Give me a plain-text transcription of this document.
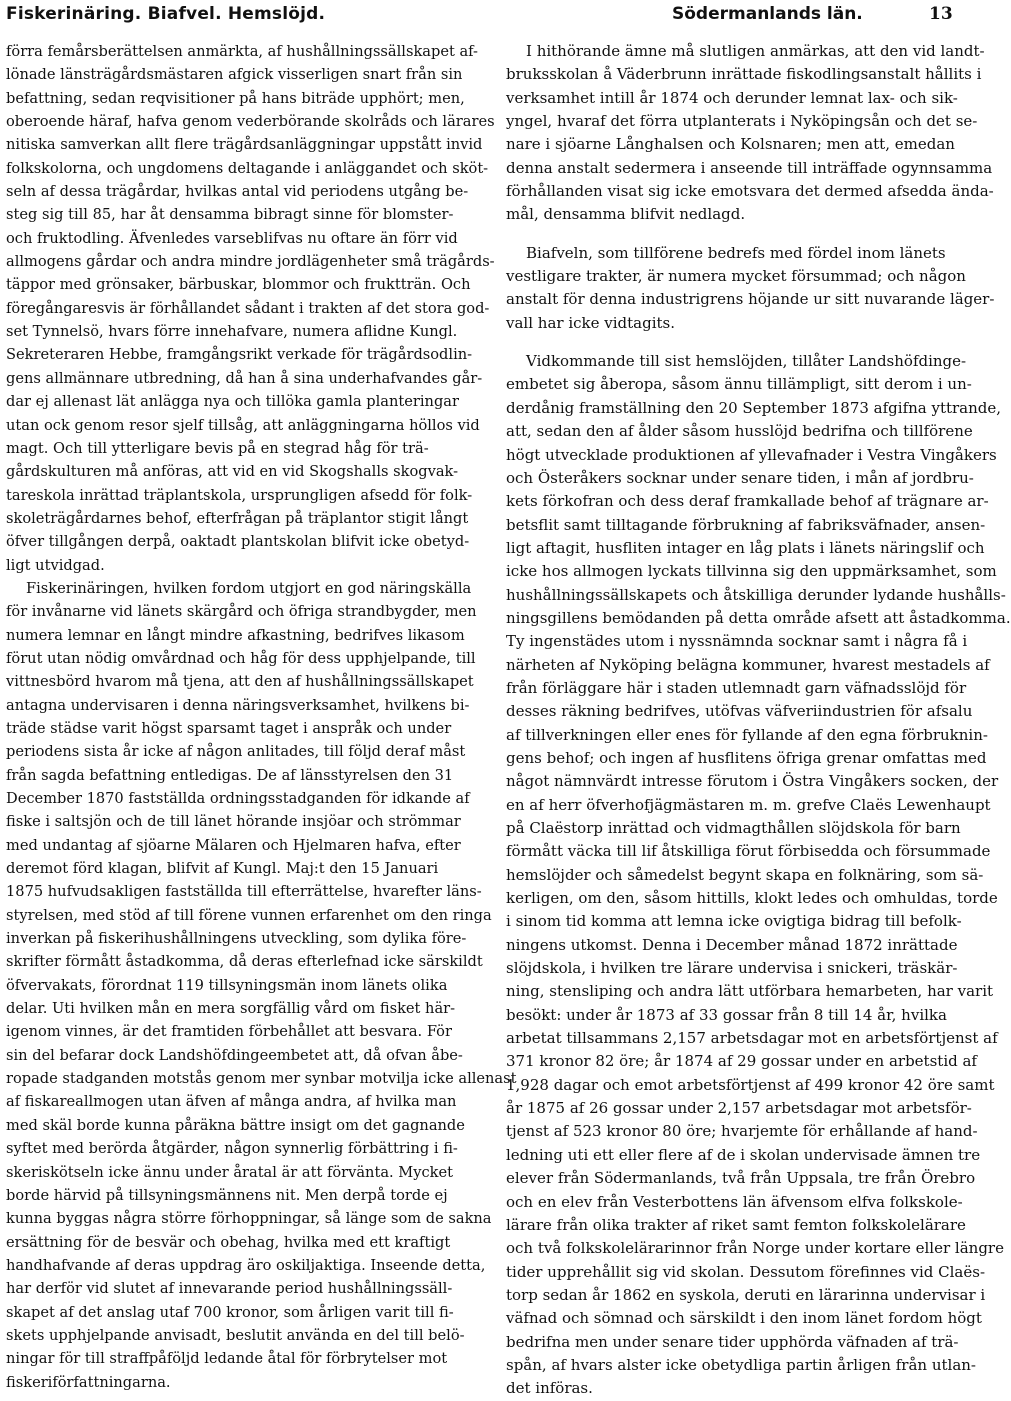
Fiskerinäring. Biafvel. Hemslöjd.	Södermanlands län.	13
förra femårsberättelsen anmärkta, af hushållningssällskapet af-
lönade länsträgårdsmästaren afgick visserligen snart från sin
befattning, sedan reqvisitioner på hans biträde upphört; men,
oberoende häraf, hafva genom vederbörande skolråds och lärares
nitiska samverkan allt flere trägårdsanläggningar uppstått invid
folkskolorna, och ungdomens deltagande i anläggandet och sköt-
seln af dessa trägårdar, hvilkas antal vid periodens utgång be-
steg sig till 85, har åt densamma bibragt sinne för blomster-
och fruktodling. Äfvenledes varseblifvas nu oftare än förr vid
allmogens gårdar och andra mindre jordlägenheter små trägårds-
täppor med grönsaker, bärbuskar, blommor och fruktträn. Och
föregångaresvis är förhållandet sådant i trakten af det stora god-
set Tynnelsö, hvars förre innehafvare, numera aflidne Kungl.
Sekreteraren Hebbe, framgångsrikt verkade för trägårdsodlin-
gens allmännare utbredning, då han å sina underhafvandes går-
dar ej allenast lät anlägga nya och tillöka gamla planteringar
utan ock genom resor sjelf tillsåg, att anläggningarna höllos vid
magt. Och till ytterligare bevis på en stegrad håg för trä-
gårdskulturen må anföras, att vid en vid Skogshalls skogvak-
tareskola inrättad träplantskola, ursprungligen afsedd för folk-
skoleträgårdarnes behof, efterfrågan på träplantor stigit långt
öfver tillgången derpå, oaktadt plantskolan blifvit icke obetyd-
ligt utvidgad.
Fiskerinäringen, hvilken fordom utgjort en god näringskälla
för invånarne vid länets skärgård och öfriga strandbygder, men
numera lemnar en långt mindre afkastning, bedrifves likasom
förut utan nödig omvårdnad och håg för dess upphjelpande, till
vittnesbörd hvarom må tjena, att den af hushållningssällskapet
antagna undervisaren i denna näringsverksamhet, hvilkens bi-
träde städse varit högst sparsamt taget i anspråk och under
periodens sista år icke af någon anlitades, till följd deraf måst
från sagda befattning entledigas. De af länsstyrelsen den 31
December 1870 fastställda ordningsstadganden för idkande af
fiske i saltsjön och de till länet hörande insjöar och strömmar
med undantag af sjöarne Mälaren och Hjelmaren hafva, efter
deremot förd klagan, blifvit af Kungl. Maj:t den 15 Januari
1875 hufvudsakligen fastställda till efterrättelse, hvarefter läns-
styrelsen, med stöd af till förene vunnen erfarenhet om den ringa
inverkan på fiskerihushållningens utveckling, som dylika före-
skrifter förmått åstadkomma, då deras efterlefnad icke särskildt
öfvervakats, förordnat 119 tillsyningsmän inom länets olika
delar. Uti hvilken mån en mera sorgfällig vård om fisket här-
igenom vinnes, är det framtiden förbehållet att besvara. För
sin del befarar dock Landshöfdingeembetet att, då ofvan åbe-
ropade stadganden motstås genom mer synbar motvilja icke allenast
af fiskareallmogen utan äfven af många andra, af hvilka man
med skäl borde kunna påräkna bättre insigt om det gagnande
syftet med berörda åtgärder, någon synnerlig förbättring i fi-
skeriskötseln icke ännu under åratal är att förvänta. Mycket
borde härvid på tillsyningsmännens nit. Men derpå torde ej
kunna byggas några större förhoppningar, så länge som de sakna
ersättning för de besvär och obehag, hvilka med ett kraftigt
handhafvande af deras uppdrag äro oskiljaktiga. Inseende detta,
har derför vid slutet af innevarande period hushållningssäll-
skapet af det anslag utaf 700 kronor, som årligen varit till fi-
skets upphjelpande anvisadt, beslutit använda en del till belö-
ningar för till straffpåföljd ledande åtal för förbrytelser mot
fiskeriförfattningarna.
I hithörande ämne må slutligen anmärkas, att den vid landt-
bruksskolan å Väderbrunn inrättade fiskodlingsanstalt hållits i
verksamhet intill år 1874 och derunder lemnat lax- och sik-
yngel, hvaraf det förra utplanterats i Nyköpingsån och det se-
nare i sjöarne Långhalsen och Kolsnaren; men att, emedan
denna anstalt sedermera i anseende till inträffade ogynnsamma
förhållanden visat sig icke emotsvara det dermed afsedda ända-
mål, densamma blifvit nedlagd.
Biafveln, som tillförene bedrefs med fördel inom länets
vestligare trakter, är numera mycket försummad; och någon
anstalt för denna industrigrens höjande ur sitt nuvarande läger-
vall har icke vidtagits.
Vidkommande till sist hemslöjden, tillåter Landshöfdinge-
embetet sig åberopa, såsom ännu tillämpligt, sitt derom i un-
derdånig framställning den 20 September 1873 afgifna yttrande,
att, sedan den af ålder såsom husslöjd bedrifna och tillförene
högt utvecklade produktionen af yllevafnader i Vestra Vingåkers
och Österåkers socknar under senare tiden, i mån af jordbru-
kets förkofran och dess deraf framkallade behof af trägnare ar-
betsflit samt tilltagande förbrukning af fabriksväfnader, ansen-
ligt aftagit, husfliten intager en låg plats i länets näringslif och
icke hos allmogen lyckats tillvinna sig den uppmärksamhet, som
hushållningssällskapets och åtskilliga derunder lydande hushålls-
ningsgillens bemödanden på detta område afsett att åstadkomma.
Ty ingenstädes utom i nyssnämnda socknar samt i några få i
närheten af Nyköping belägna kommuner, hvarest mestadels af
från förläggare här i staden utlemnadt garn väfnadsslöjd för
desses räkning bedrifves, utöfvas väfveriindustrien för afsalu
af tillverkningen eller enes för fyllande af den egna förbruknin-
gens behof; och ingen af husflitens öfriga grenar omfattas med
något nämnvärdt intresse förutom i Östra Vingåkers socken, der
en af herr öfverhofjägmästaren m. m. grefve Claës Lewenhaupt
på Claëstorp inrättad och vidmagthållen slöjdskola för barn
förmått väcka till lif åtskilliga förut förbisedda och försummade
hemslöjder och såmedelst begynt skapa en folknäring, som sä-
kerligen, om den, såsom hittills, klokt ledes och omhuldas, torde
i sinom tid komma att lemna icke ovigtiga bidrag till befolk-
ningens utkomst. Denna i December månad 1872 inrättade
slöjdskola, i hvilken tre lärare undervisa i snickeri, träskär-
ning, stensliping och andra lätt utförbara hemarbeten, har varit
besökt: under år 1873 af 33 gossar från 8 till 14 år, hvilka
arbetat tillsammans 2,157 arbetsdagar mot en arbetsförtjenst af
371 kronor 82 öre; år 1874 af 29 gossar under en arbetstid af
1,928 dagar och emot arbetsförtjenst af 499 kronor 42 öre samt
år 1875 af 26 gossar under 2,157 arbetsdagar mot arbetsför-
tjenst af 523 kronor 80 öre; hvarjemte för erhållande af hand-
ledning uti ett eller flere af de i skolan undervisade ämnen tre
elever från Södermanlands, två från Uppsala, tre från Örebro
och en elev från Vesterbottens län äfvensom elfva folkskole-
lärare från olika trakter af riket samt femton folkskolelärare
och två folkskolelärarinnor från Norge under kortare eller längre
tider upprehållit sig vid skolan. Dessutom förefinnes vid Claës-
torp sedan år 1862 en syskola, deruti en lärarinna undervisar i
väfnad och sömnad och särskildt i den inom länet fordom högt
bedrifna men under senare tider upphörda väfnaden af trä-
spån, af hvars alster icke obetydliga partin årligen från utlan-
det införas.
